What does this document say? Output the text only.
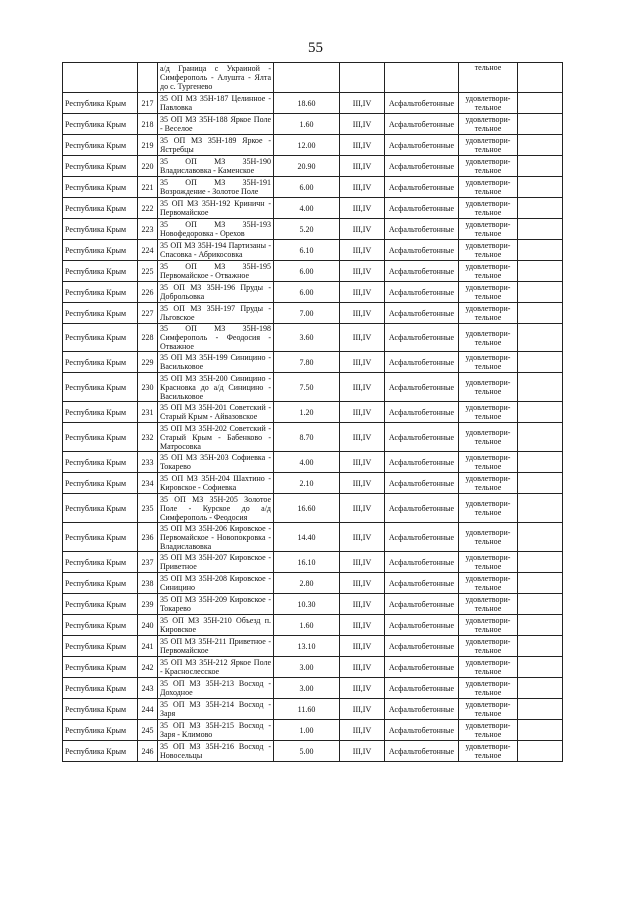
55
		а/д Граница с Украиной - Симферополь - Алушта - Ялта до с. Тургенево				тельное	
Республика Крым	217	35 ОП МЗ 35Н-187 Целинное - Павловка	18.60	III,IV	Асфальтобетонные	удовлетвори-тельное	
Республика Крым	218	35 ОП МЗ 35Н-188 Яркое Поле - Веселое	1.60	III,IV	Асфальтобетонные	удовлетвори-тельное	
Республика Крым	219	35 ОП МЗ 35Н-189 Яркое - Ястребцы	12.00	III,IV	Асфальтобетонные	удовлетвори-тельное	
Республика Крым	220	35 ОП МЗ 35Н-190 Владиславовка - Каменское	20.90	III,IV	Асфальтобетонные	удовлетвори-тельное	
Республика Крым	221	35 ОП МЗ 35Н-191 Возрождение - Золотое Поле	6.00	III,IV	Асфальтобетонные	удовлетвори-тельное	
Республика Крым	222	35 ОП МЗ 35Н-192 Криничн - Первомайское	4.00	III,IV	Асфальтобетонные	удовлетвори-тельное	
Республика Крым	223	35 ОП МЗ 35Н-193 Новофедоровка - Орехов	5.20	III,IV	Асфальтобетонные	удовлетвори-тельное	
Республика Крым	224	35 ОП МЗ 35Н-194 Партизаны - Спасовка - Абрикосовка	6.10	III,IV	Асфальтобетонные	удовлетвори-тельное	
Республика Крым	225	35 ОП МЗ 35Н-195 Первомайское - Отважное	6.00	III,IV	Асфальтобетонные	удовлетвори-тельное	
Республика Крым	226	35 ОП МЗ 35Н-196 Пруды - Доброльовка	6.00	III,IV	Асфальтобетонные	удовлетвори-тельное	
Республика Крым	227	35 ОП МЗ 35Н-197 Пруды - Льговское	7.00	III,IV	Асфальтобетонные	удовлетвори-тельное	
Республика Крым	228	35 ОП МЗ 35Н-198 Симферополь - Феодосия - Отважное	3.60	III,IV	Асфальтобетонные	удовлетвори-тельное	
Республика Крым	229	35 ОП МЗ 35Н-199 Синицино - Васильковое	7.80	III,IV	Асфальтобетонные	удовлетвори-тельное	
Республика Крым	230	35 ОП МЗ 35Н-200 Синицино - Красновка до а/д Синицино - Васильковое	7.50	III,IV	Асфальтобетонные	удовлетвори-тельное	
Республика Крым	231	35 ОП МЗ 35Н-201 Советский - Старый Крым - Айвазовское	1.20	III,IV	Асфальтобетонные	удовлетвори-тельное	
Республика Крым	232	35 ОП МЗ 35Н-202 Советский - Старый Крым - Бабенково - Матросовка	8.70	III,IV	Асфальтобетонные	удовлетвори-тельное	
Республика Крым	233	35 ОП МЗ 35Н-203 Софиевка - Токарево	4.00	III,IV	Асфальтобетонные	удовлетвори-тельное	
Республика Крым	234	35 ОП МЗ 35Н-204 Шахтино - Кировское - Софиевка	2.10	III,IV	Асфальтобетонные	удовлетвори-тельное	
Республика Крым	235	35 ОП МЗ 35Н-205 Золотое Поле - Курское до а/д Симферополь - Феодосия	16.60	III,IV	Асфальтобетонные	удовлетвори-тельное	
Республика Крым	236	35 ОП МЗ 35Н-206 Кировское - Первомайское - Новопокровка - Владиславовка	14.40	III,IV	Асфальтобетонные	удовлетвори-тельное	
Республика Крым	237	35 ОП МЗ 35Н-207 Кировское - Приветное	16.10	III,IV	Асфальтобетонные	удовлетвори-тельное	
Республика Крым	238	35 ОП МЗ 35Н-208 Кировское - Синицино	2.80	III,IV	Асфальтобетонные	удовлетвори-тельное	
Республика Крым	239	35 ОП МЗ 35Н-209 Кировское - Токарево	10.30	III,IV	Асфальтобетонные	удовлетвори-тельное	
Республика Крым	240	35 ОП МЗ 35Н-210 Объезд п. Кировское	1.60	III,IV	Асфальтобетонные	удовлетвори-тельное	
Республика Крым	241	35 ОП МЗ 35Н-211 Приветное - Первомайское	13.10	III,IV	Асфальтобетонные	удовлетвори-тельное	
Республика Крым	242	35 ОП МЗ 35Н-212 Яркое Поле - Краснослесское	3.00	III,IV	Асфальтобетонные	удовлетвори-тельное	
Республика Крым	243	35 ОП МЗ 35Н-213 Восход - Доходное	3.00	III,IV	Асфальтобетонные	удовлетвори-тельное	
Республика Крым	244	35 ОП МЗ 35Н-214 Восход - Заря	11.60	III,IV	Асфальтобетонные	удовлетвори-тельное	
Республика Крым	245	35 ОП МЗ 35Н-215 Восход - Заря - Климово	1.00	III,IV	Асфальтобетонные	удовлетвори-тельное	
Республика Крым	246	35 ОП МЗ 35Н-216 Восход - Новосельцы	5.00	III,IV	Асфальтобетонные	удовлетвори-тельное	
